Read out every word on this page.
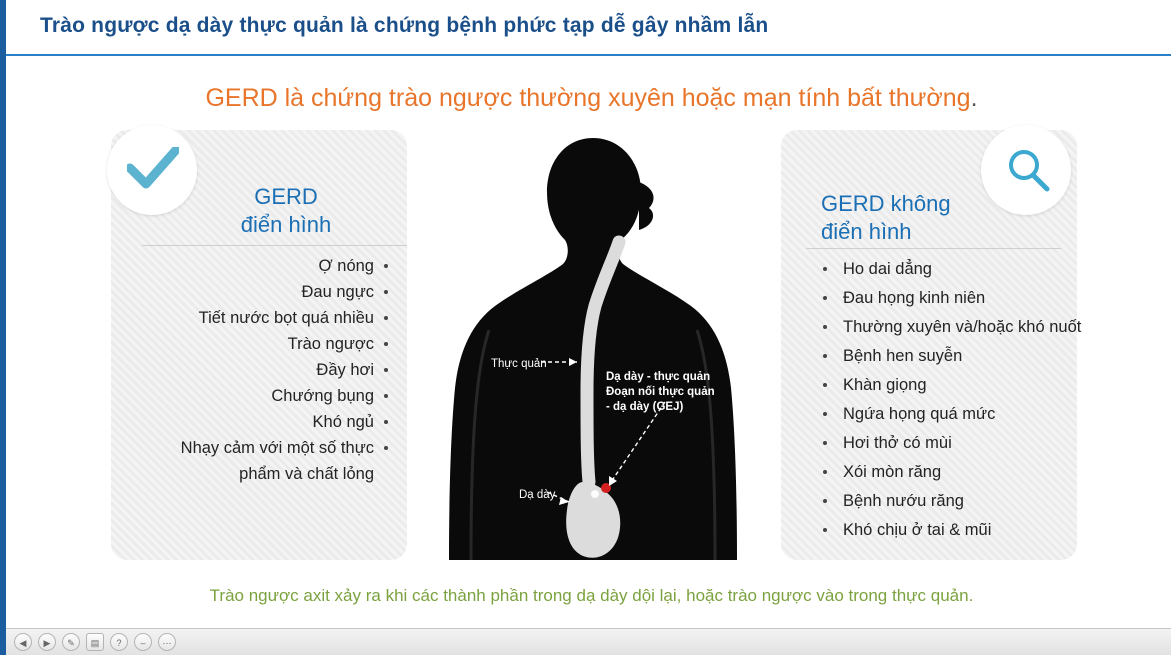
Trào ngược dạ dày thực quản là chứng bệnh phức tạp dễ gây nhầm lẫn
GERD là chứng trào ngược thường xuyên hoặc mạn tính bất thường.
GERD
điển hình
Ợ nóng
Đau ngực
Tiết nước bọt quá nhiều
Trào ngược
Đầy hơi
Chướng bụng
Khó ngủ
Nhạy cảm với một số thực
phẩm và chất lỏng
GERD không
điển hình
Ho dai dẳng
Đau họng kinh niên
Thường xuyên và/hoặc khó nuốt
Bệnh hen suyễn
Khàn giọng
Ngứa họng quá mức
Hơi thở có mùi
Xói mòn răng
Bệnh nướu răng
Khó chịu ở tai & mũi
Thực quản
Dạ dày
Dạ dày - thực quản
Đoạn nối thực quản
- dạ dày (GEJ)
Trào ngược axit xảy ra khi các thành phần trong dạ dày dội lại, hoặc trào ngược vào trong thực quản.
◀	▶	✎	▤	?	–	⋯
